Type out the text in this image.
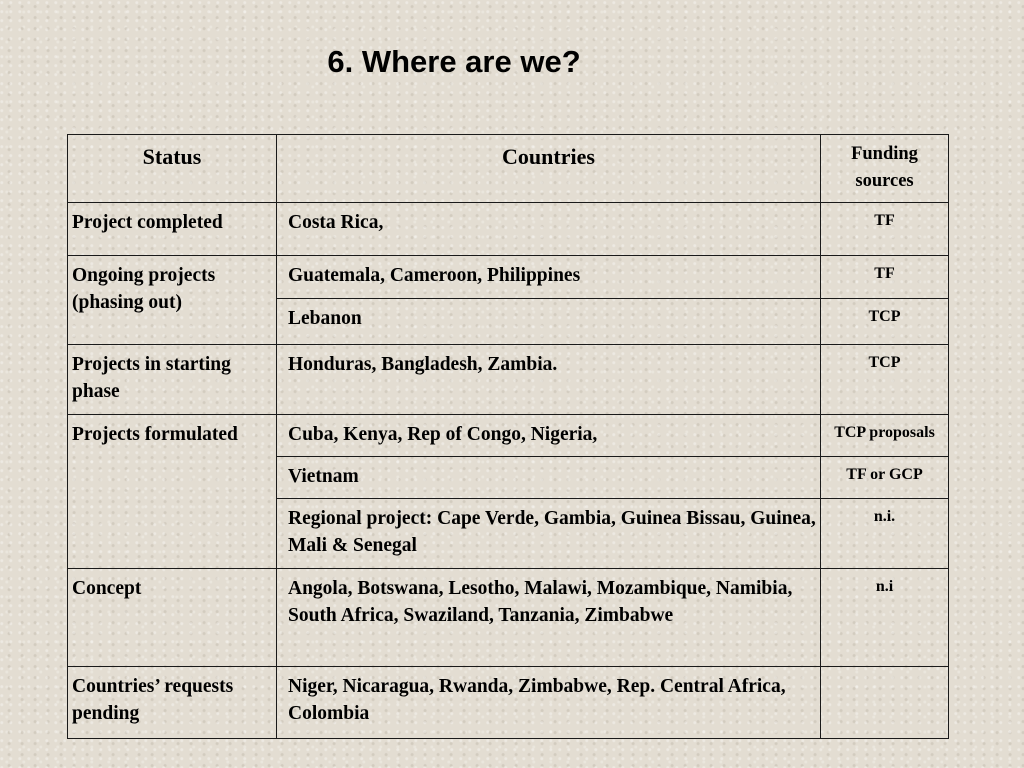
6. Where are we?
Status	Countries	Funding sources
Project completed	Costa Rica,	TF
Ongoing projects (phasing out)	Guatemala, Cameroon, Philippines	TF
	Lebanon	TCP
Projects in starting phase	Honduras, Bangladesh, Zambia.	TCP
Projects formulated	Cuba, Kenya, Rep of Congo, Nigeria,	TCP proposals
	Vietnam	TF or GCP
	Regional project: Cape Verde, Gambia, Guinea Bissau, Guinea, Mali & Senegal	n.i.
Concept	Angola, Botswana, Lesotho, Malawi, Mozambique, Namibia, South Africa, Swaziland, Tanzania, Zimbabwe	n.i
Countries’ requests pending	Niger, Nicaragua, Rwanda, Zimbabwe, Rep. Central Africa, Colombia	
